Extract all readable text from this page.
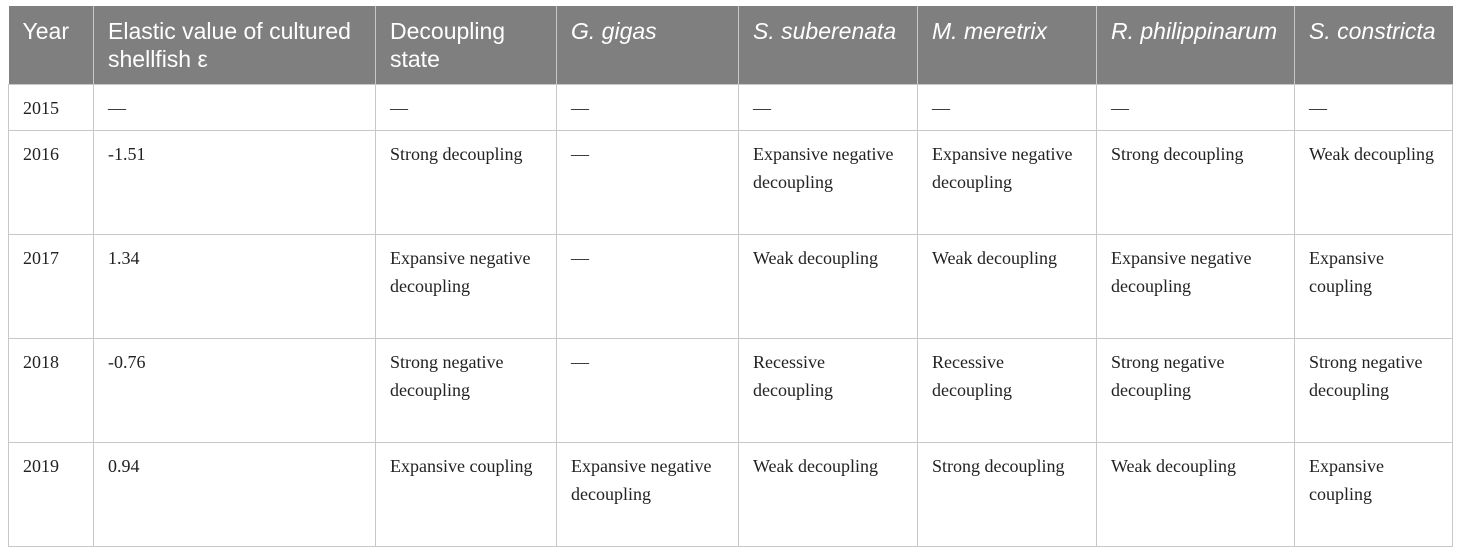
Year	Elastic value of cultured shellfish ε	Decoupling state	G. gigas	S. suberenata	M. meretrix	R. philippinarum	S. constricta
2015	—	—	—	—	—	—	—
2016	-1.51	Strong decoupling	—	Expansive negative decoupling	Expansive negative decoupling	Strong decoupling	Weak decoupling
2017	1.34	Expansive negative decoupling	—	Weak decoupling	Weak decoupling	Expansive negative decoupling	Expansive coupling
2018	-0.76	Strong negative decoupling	—	Recessive decoupling	Recessive decoupling	Strong negative decoupling	Strong negative decoupling
2019	0.94	Expansive coupling	Expansive negative decoupling	Weak decoupling	Strong decoupling	Weak decoupling	Expansive coupling
